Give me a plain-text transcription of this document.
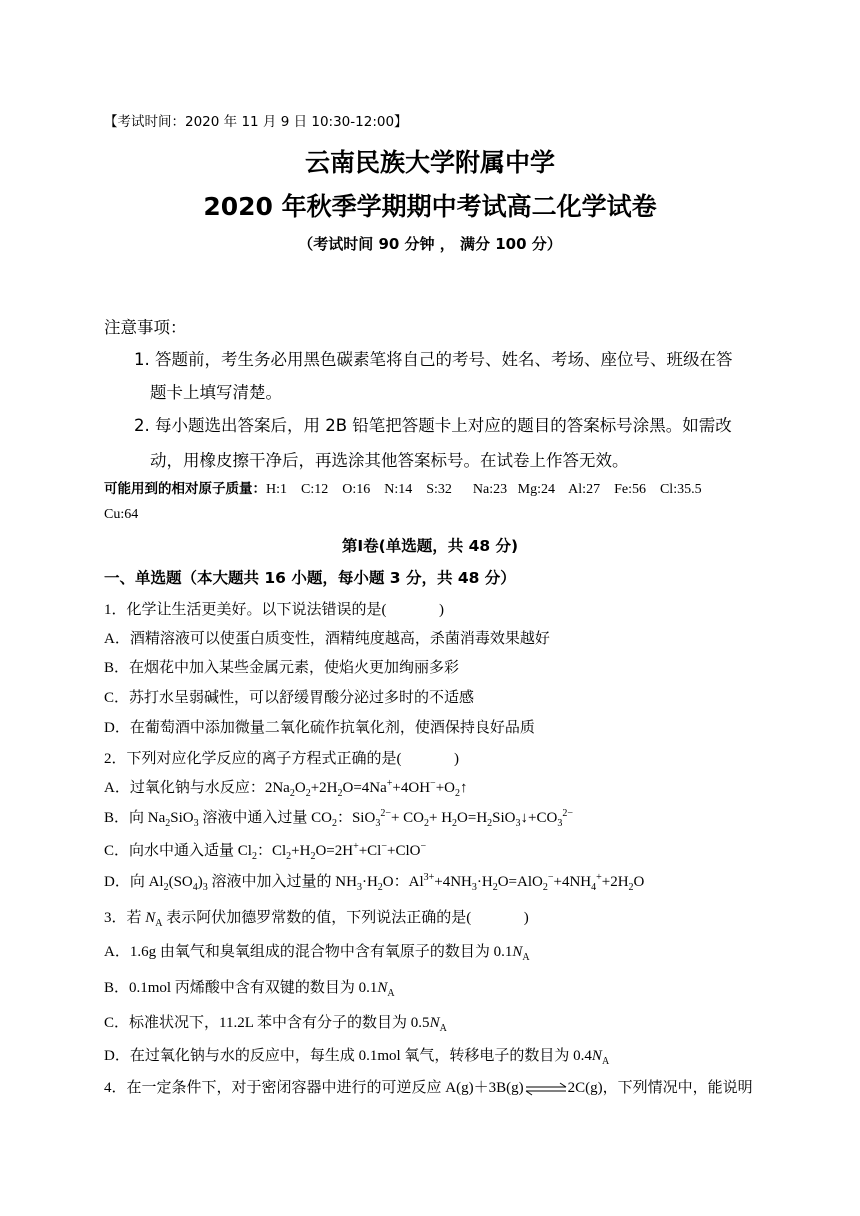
【考试时间：2020 年 11 月 9 日 10:30-12:00】
云南民族大学附属中学
2020 年秋季学期期中考试高二化学试卷
（考试时间 90 分钟 ， 满分 100 分）
注意事项：
1. 答题前，考生务必用黑色碳素笔将自己的考号、姓名、考场、座位号、班级在答
题卡上填写清楚。
2. 每小题选出答案后，用 2B 铅笔把答题卡上对应的题目的答案标号涂黑。如需改
动，用橡皮擦干净后，再选涂其他答案标号。在试卷上作答无效。
可能用到的相对原子质量：H:1    C:12    O:16    N:14    S:32      Na:23   Mg:24    Al:27    Fe:56    Cl:35.5
Cu:64
第Ⅰ卷(单选题，共 48 分)
一、单选题（本大题共 16 小题，每小题 3 分，共 48 分）
1．化学让生活更美好。以下说法错误的是(              )
A．酒精溶液可以使蛋白质变性，酒精纯度越高，杀菌消毒效果越好
B．在烟花中加入某些金属元素，使焰火更加绚丽多彩
C．苏打水呈弱碱性，可以舒缓胃酸分泌过多时的不适感
D．在葡萄酒中添加微量二氧化硫作抗氧化剂，使酒保持良好品质
2．下列对应化学反应的离子方程式正确的是(              )
A．过氧化钠与水反应：$2Na_2O_2+2H_2O=4Na^++4OH^-+O_2↑$
B．向 $Na_2SiO_3$ 溶液中通入过量 $CO_2$：$SiO_3^{2-}+ CO_2+$ $H_2O=H_2SiO_3↓+CO_3^{2-}$
C．向水中通入适量 $Cl_2$：$Cl_2+H_2O=2H^++Cl^-+ClO^-$
D．向 $Al_2(SO_4)_3$ 溶液中加入过量的 $NH_3\cdot H_2O$：$Al^{3+}+4NH_3\cdot H_2O=AlO_2^-+4NH_4^++2H_2O$
3．若 $N_A$ 表示阿伏加德罗常数的值，下列说法正确的是(              )
A．1.6g 由氧气和臭氧组成的混合物中含有氧原子的数目为 $0.1N_A$
B．0.1mol 丙烯酸中含有双键的数目为 $0.1N_A$
C．标准状况下，11.2L 苯中含有分子的数目为 $0.5N_A$
D．在过氧化钠与水的反应中，每生成 0.1mol 氧气，转移电子的数目为 $0.4N_A$
4．在一定条件下，对于密闭容器中进行的可逆反应 A(g)＋3B(g)⇌2C(g)，下列情况中，能说明
